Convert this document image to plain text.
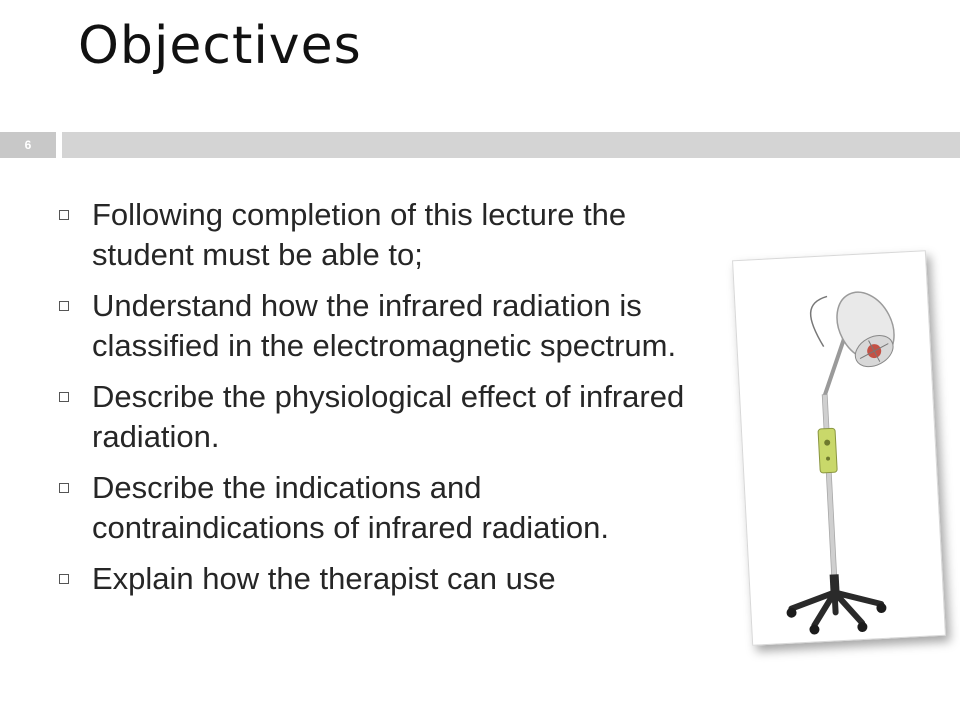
Objectives
6
Following completion of this lecture the student must be able to;
Understand how the infrared radiation is classified in the electromagnetic spectrum.
Describe the physiological effect of infrared radiation.
Describe the indications and contraindications of infrared radiation.
Explain how the therapist can use
